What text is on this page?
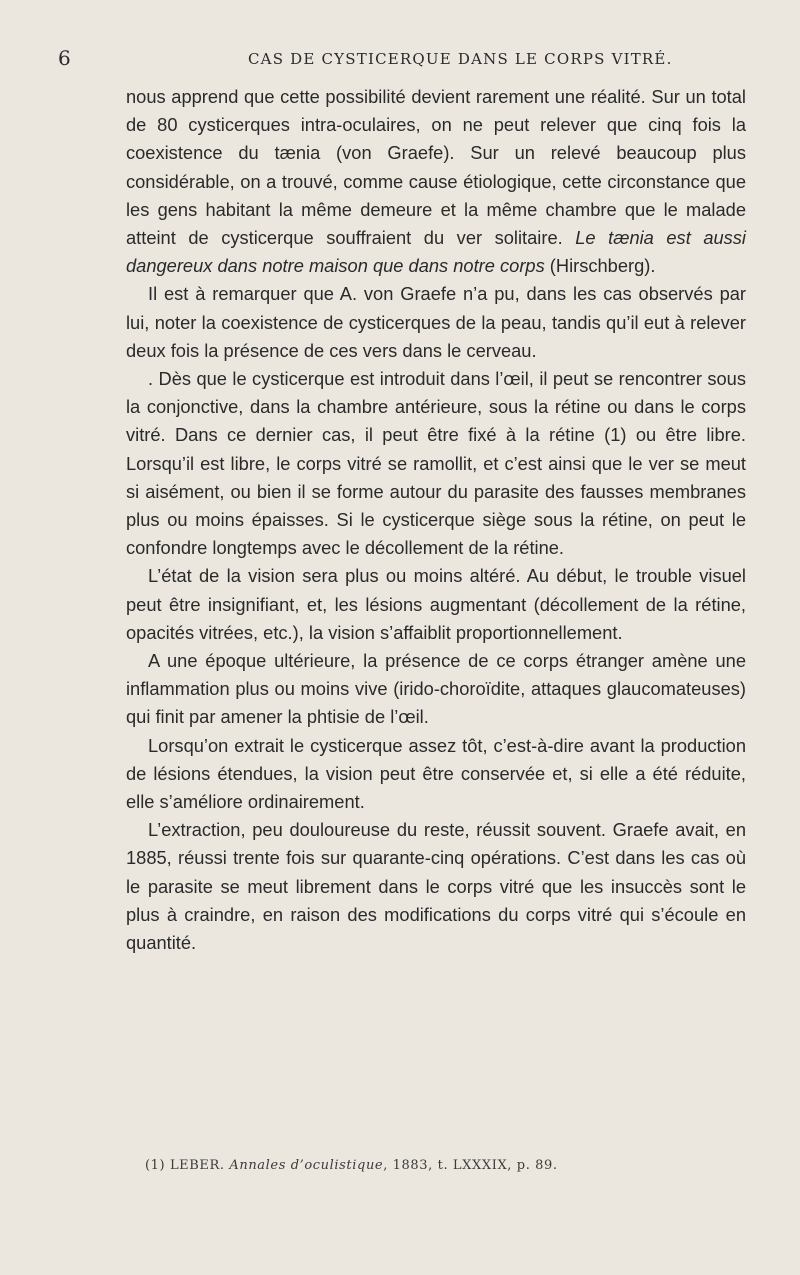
6	CAS DE CYSTICERQUE DANS LE CORPS VITRÉ.

nous apprend que cette possibilité devient rarement une réalité. Sur un total de 80 cysticerques intra-oculaires, on ne peut relever que cinq fois la coexistence du tænia (von Graefe). Sur un relevé beaucoup plus considérable, on a trouvé, comme cause étiologique, cette circonstance que les gens habitant la même demeure et la même chambre que le malade atteint de cysticerque souffraient du ver solitaire. Le tænia est aussi dangereux dans notre maison que dans notre corps (Hirschberg).

Il est à remarquer que A. von Graefe n’a pu, dans les cas observés par lui, noter la coexistence de cysticerques de la peau, tandis qu’il eut à relever deux fois la présence de ces vers dans le cerveau.

. Dès que le cysticerque est introduit dans l’œil, il peut se rencontrer sous la conjonctive, dans la chambre antérieure, sous la rétine ou dans le corps vitré. Dans ce dernier cas, il peut être fixé à la rétine (1) ou être libre. Lorsqu’il est libre, le corps vitré se ramollit, et c’est ainsi que le ver se meut si aisément, ou bien il se forme autour du parasite des fausses membranes plus ou moins épaisses. Si le cysticerque siège sous la rétine, on peut le confondre longtemps avec le décollement de la rétine.

L’état de la vision sera plus ou moins altéré. Au début, le trouble visuel peut être insignifiant, et, les lésions augmentant (décollement de la rétine, opacités vitrées, etc.), la vision s’affaiblit proportionnellement.

A une époque ultérieure, la présence de ce corps étranger amène une inflammation plus ou moins vive (irido-choroïdite, attaques glaucomateuses) qui finit par amener la phtisie de l’œil.

Lorsqu’on extrait le cysticerque assez tôt, c’est-à-dire avant la production de lésions étendues, la vision peut être conservée et, si elle a été réduite, elle s’améliore ordinairement.

L’extraction, peu douloureuse du reste, réussit souvent. Graefe avait, en 1885, réussi trente fois sur quarante-cinq opérations. C’est dans les cas où le parasite se meut librement dans le corps vitré que les insuccès sont le plus à craindre, en raison des modifications du corps vitré qui s’écoule en quantité.

(1) LEBER. Annales d’oculistique, 1883, t. LXXXIX, p. 89.
